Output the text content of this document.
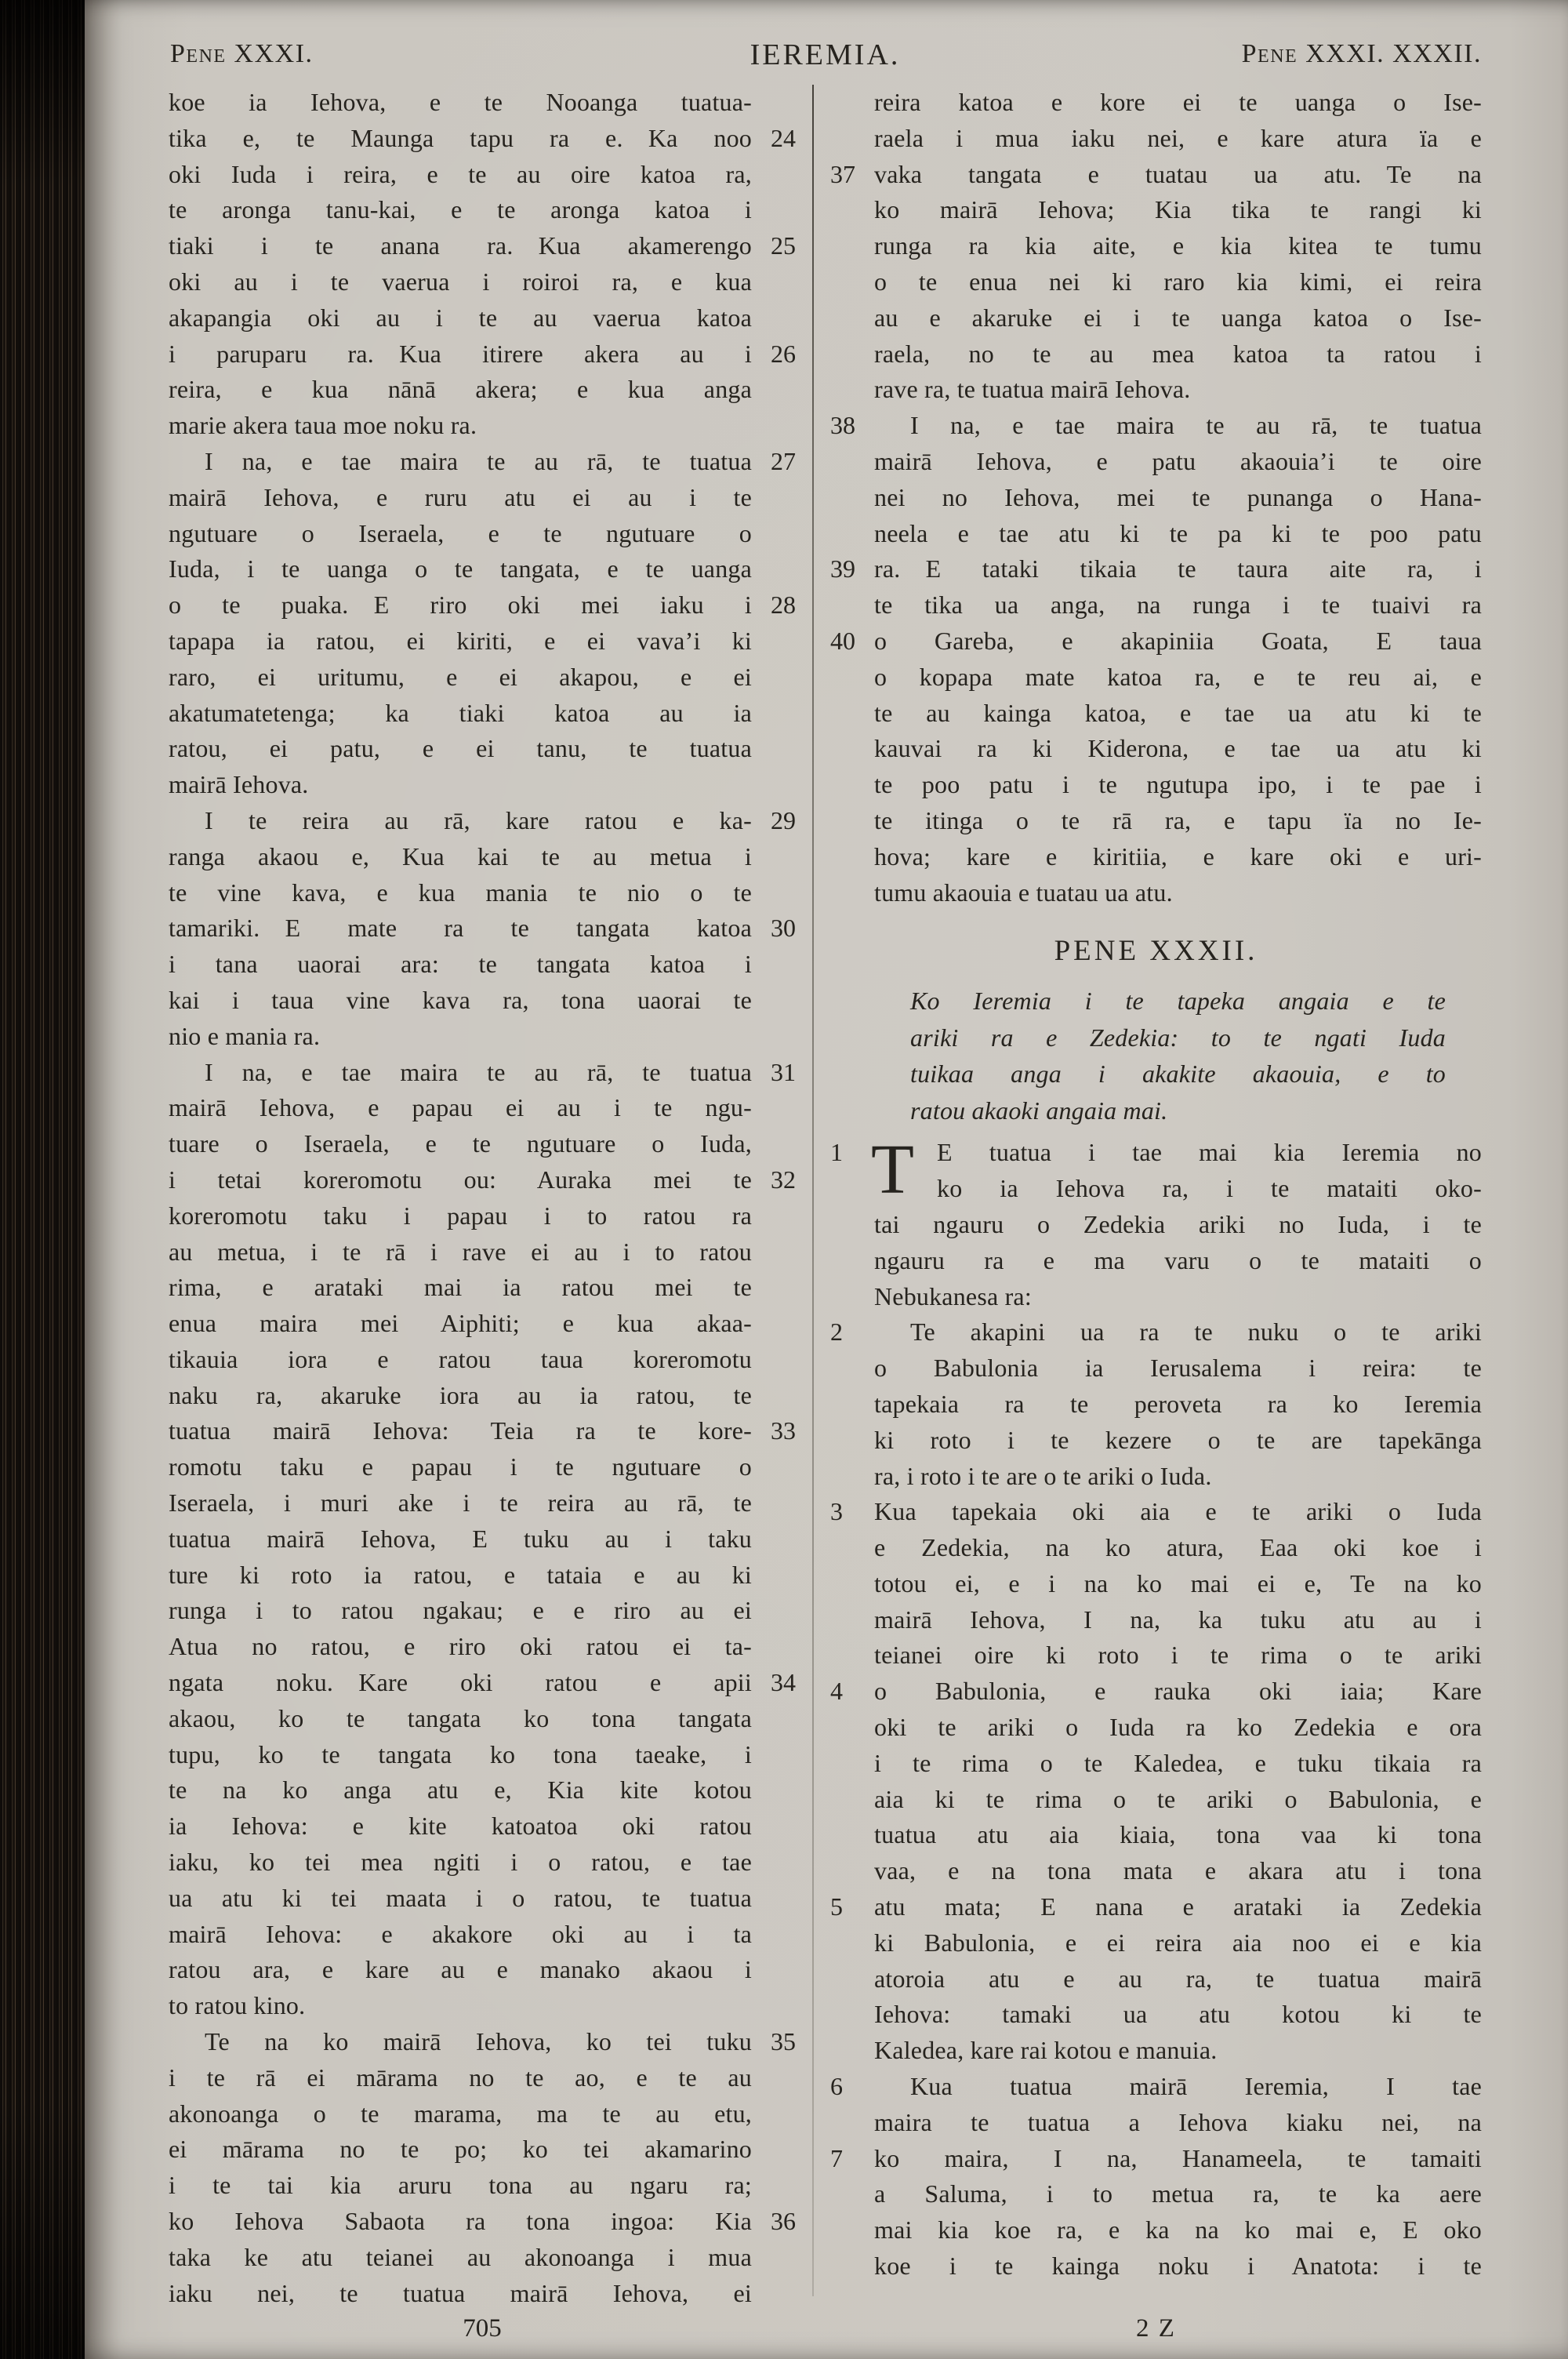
Pene XXXI.	IEREMIA.	Pene XXXI. XXXII.
koe ia Iehova, e te Nooanga tuatua-
tika e, te Maunga tapu ra e. Ka noo 24
oki Iuda i reira, e te au oire katoa ra,
te aronga tanu-kai, e te aronga katoa i
tiaki i te anana ra. Kua akamerengo 25
oki au i te vaerua i roiroi ra, e kua
akapangia oki au i te au vaerua katoa
i paruparu ra. Kua itirere akera au i 26
reira, e kua nānā akera; e kua anga
marie akera taua moe noku ra.
I na, e tae maira te au rā, te tuatua 27
mairā Iehova, e ruru atu ei au i te
ngutuare o Iseraela, e te ngutuare o
Iuda, i te uanga o te tangata, e te uanga
o te puaka. E riro oki mei iaku i 28
tapapa ia ratou, ei kiriti, e ei vava’i ki
raro, ei uritumu, e ei akapou, e ei
akatumatetenga; ka tiaki katoa au ia
ratou, ei patu, e ei tanu, te tuatua
mairā Iehova.
I te reira au rā, kare ratou e ka- 29
ranga akaou e, Kua kai te au metua i
te vine kava, e kua mania te nio o te
tamariki. E mate ra te tangata katoa 30
i tana uaorai ara: te tangata katoa i
kai i taua vine kava ra, tona uaorai te
nio e mania ra.
I na, e tae maira te au rā, te tuatua 31
mairā Iehova, e papau ei au i te ngu-
tuare o Iseraela, e te ngutuare o Iuda,
i tetai koreromotu ou: Auraka mei te 32
koreromotu taku i papau i to ratou ra
au metua, i te rā i rave ei au i to ratou
rima, e arataki mai ia ratou mei te
enua maira mei Aiphiti; e kua akaa-
tikauia iora e ratou taua koreromotu
naku ra, akaruke iora au ia ratou, te
tuatua mairā Iehova: Teia ra te kore- 33
romotu taku e papau i te ngutuare o
Iseraela, i muri ake i te reira au rā, te
tuatua mairā Iehova, E tuku au i taku
ture ki roto ia ratou, e tataia e au ki
runga i to ratou ngakau; e e riro au ei
Atua no ratou, e riro oki ratou ei ta-
ngata noku. Kare oki ratou e apii 34
akaou, ko te tangata ko tona tangata
tupu, ko te tangata ko tona taeake, i
te na ko anga atu e, Kia kite kotou
ia Iehova: e kite katoatoa oki ratou
iaku, ko tei mea ngiti i o ratou, e tae
ua atu ki tei maata i o ratou, te tuatua
mairā Iehova: e akakore oki au i ta
ratou ara, e kare au e manako akaou i
to ratou kino.
Te na ko mairā Iehova, ko tei tuku 35
i te rā ei mārama no te ao, e te au
akonoanga o te marama, ma te au etu,
ei mārama no te po; ko tei akamarino
i te tai kia aruru tona au ngaru ra;
ko Iehova Sabaota ra tona ingoa: Kia 36
taka ke atu teianei au akonoanga i mua
iaku nei, te tuatua mairā Iehova, ei
reira katoa e kore ei te uanga o Ise-
raela i mua iaku nei, e kare atura ïa e
37 vaka tangata e tuatau ua atu. Te na
ko mairā Iehova; Kia tika te rangi ki
runga ra kia aite, e kia kitea te tumu
o te enua nei ki raro kia kimi, ei reira
au e akaruke ei i te uanga katoa o Ise-
raela, no te au mea katoa ta ratou i
rave ra, te tuatua mairā Iehova.
38	I na, e tae maira te au rā, te tuatua
mairā Iehova, e patu akaouia’i te oire
nei no Iehova, mei te punanga o Hana-
neela e tae atu ki te pa ki te poo patu
39 ra. E tataki tikaia te taura aite ra, i
te tika ua anga, na runga i te tuaivi ra
40 o Gareba, e akapiniia Goata, E taua
o kopapa mate katoa ra, e te reu ai, e
te au kainga katoa, e tae ua atu ki te
kauvai ra ki Kiderona, e tae ua atu ki
te poo patu i te ngutupa ipo, i te pae i
te itinga o te rā ra, e tapu ïa no Ie-
hova; kare e kiritiia, e kare oki e uri-
tumu akaouia e tuatau ua atu.
PENE XXXII.
Ko Ieremia i te tapeka angaia e te
ariki ra e Zedekia: to te ngati Iuda
tuikaa anga i akakite akaouia, e to
ratou akaoki angaia mai.
T
1	E tuatua i tae mai kia Ieremia no
ko ia Iehova ra, i te mataiti oko-
tai ngauru o Zedekia ariki no Iuda, i te
ngauru ra e ma varu o te mataiti o
Nebukanesa ra:
2	Te akapini ua ra te nuku o te ariki
o Babulonia ia Ierusalema i reira: te
tapekaia ra te peroveta ra ko Ieremia
ki roto i te kezere o te are tapekānga
ra, i roto i te are o te ariki o Iuda.
3	Kua tapekaia oki aia e te ariki o Iuda
e Zedekia, na ko atura, Eaa oki koe i
totou ei, e i na ko mai ei e, Te na ko
mairā Iehova, I na, ka tuku atu au i
teianei oire ki roto i te rima o te ariki
4	o Babulonia, e rauka oki iaia; Kare
oki te ariki o Iuda ra ko Zedekia e ora
i te rima o te Kaledea, e tuku tikaia ra
aia ki te rima o te ariki o Babulonia, e
tuatua atu aia kiaia, tona vaa ki tona
vaa, e na tona mata e akara atu i tona
5	atu mata; E nana e arataki ia Zedekia
ki Babulonia, e ei reira aia noo ei e kia
atoroia atu e au ra, te tuatua mairā
Iehova: tamaki ua atu kotou ki te
Kaledea, kare rai kotou e manuia.
6	Kua tuatua mairā Ieremia, I tae
maira te tuatua a Iehova kiaku nei, na
7	ko maira, I na, Hanameela, te tamaiti
a Saluma, i to metua ra, te ka aere
mai kia koe ra, e ka na ko mai e, E oko
koe i te kainga noku i Anatota: i te
705	2 Z
